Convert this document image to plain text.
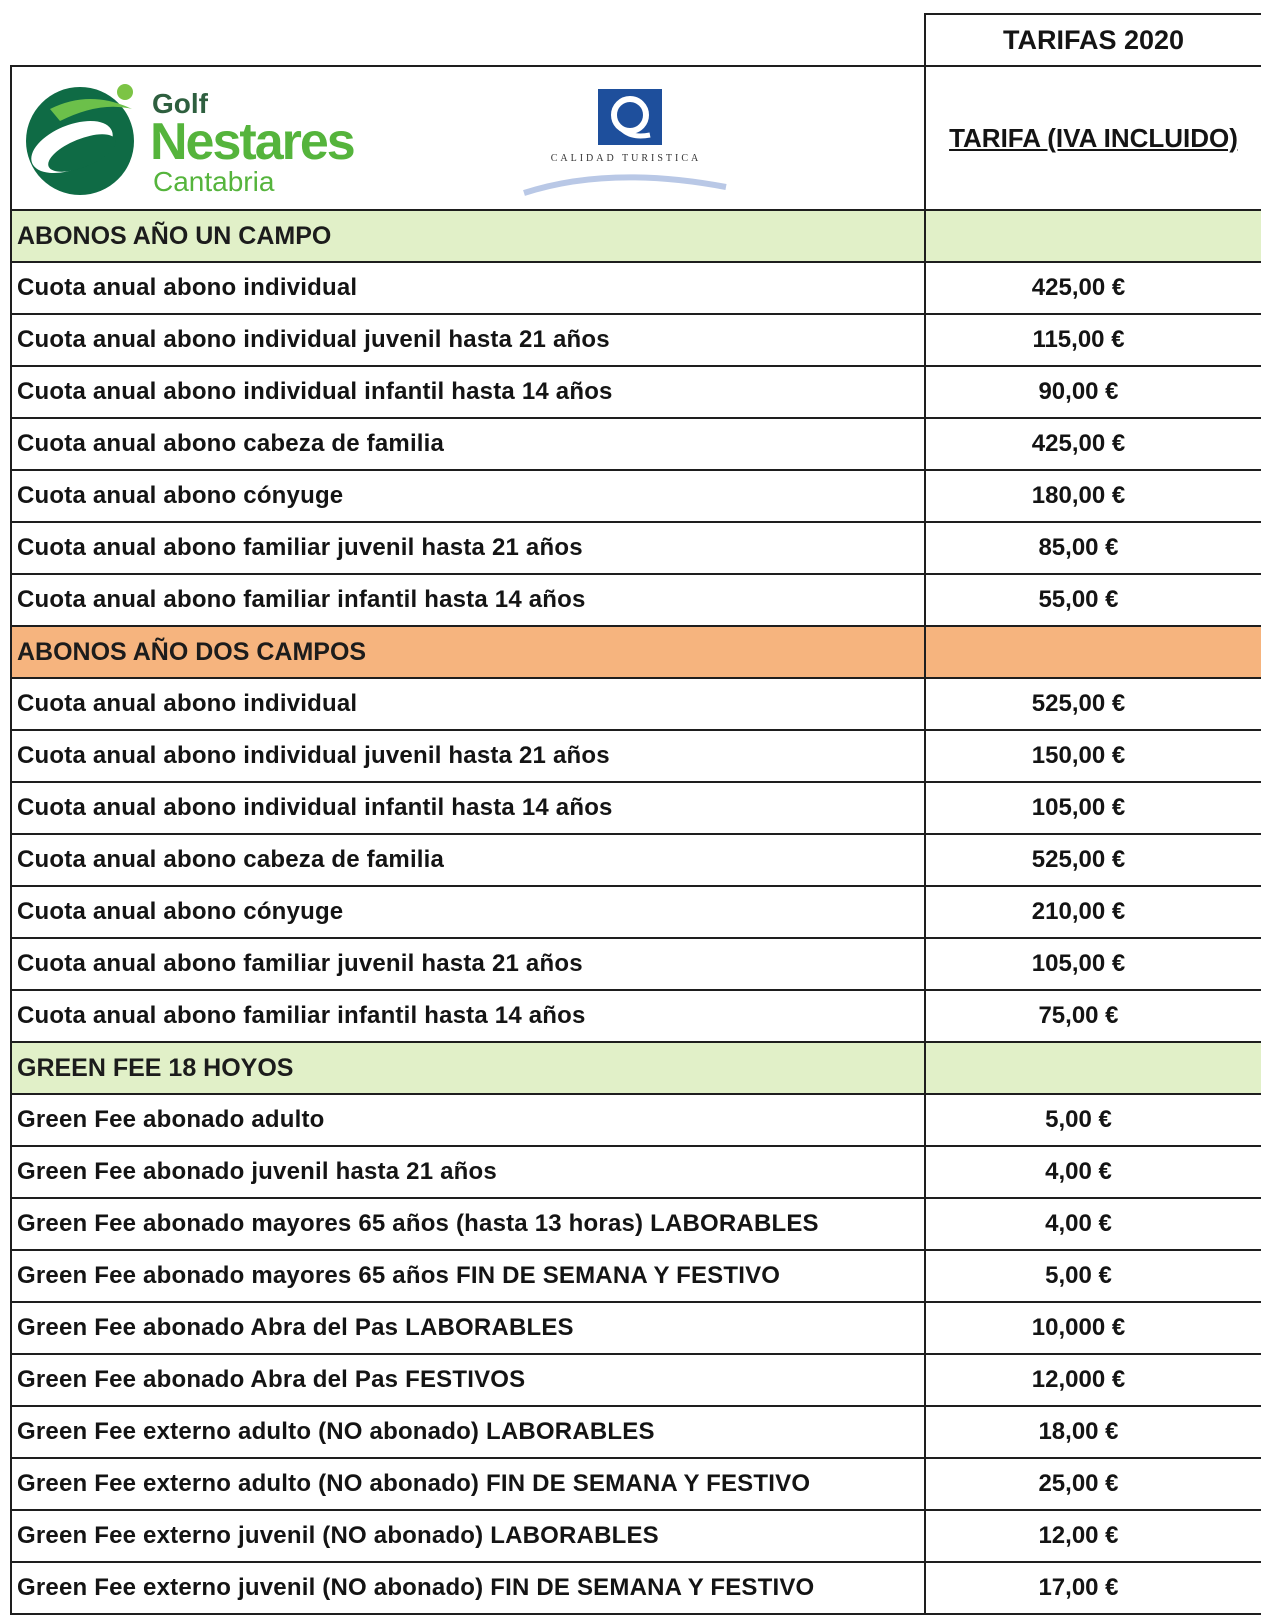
	TARIFAS 2020

Golf
Nestares
Cantabria
CALIDAD TURISTICA	TARIFA (IVA INCLUIDO)
ABONOS AÑO UN CAMPO	
Cuota anual abono individual	425,00 €
Cuota anual abono individual juvenil hasta 21 años	115,00 €
Cuota anual abono individual infantil hasta 14 años	90,00 €
Cuota anual abono cabeza de familia	425,00 €
Cuota anual abono cónyuge	180,00 €
Cuota anual abono familiar juvenil hasta 21 años	85,00 €
Cuota anual abono familiar infantil hasta 14 años	55,00 €
ABONOS AÑO DOS CAMPOS	
Cuota anual abono individual	525,00 €
Cuota anual abono individual juvenil hasta 21 años	150,00 €
Cuota anual abono individual infantil hasta 14 años	105,00 €
Cuota anual abono cabeza de familia	525,00 €
Cuota anual abono cónyuge	210,00 €
Cuota anual abono familiar juvenil hasta 21 años	105,00 €
Cuota anual abono familiar infantil hasta 14 años	75,00 €
GREEN FEE 18 HOYOS	
Green Fee abonado adulto	5,00 €
Green Fee abonado juvenil hasta 21 años	4,00 €
Green Fee abonado mayores 65 años (hasta 13 horas) LABORABLES	4,00 €
Green Fee abonado mayores 65 años FIN DE SEMANA Y FESTIVO	5,00 €
Green Fee abonado Abra del Pas LABORABLES	10,000 €
Green Fee abonado Abra del Pas FESTIVOS	12,000 €
Green Fee externo adulto (NO abonado) LABORABLES	18,00 €
Green Fee externo adulto (NO abonado) FIN DE SEMANA Y FESTIVO	25,00 €
Green Fee externo juvenil (NO abonado) LABORABLES	12,00 €
Green Fee externo juvenil (NO abonado) FIN DE SEMANA Y FESTIVO	17,00 €
